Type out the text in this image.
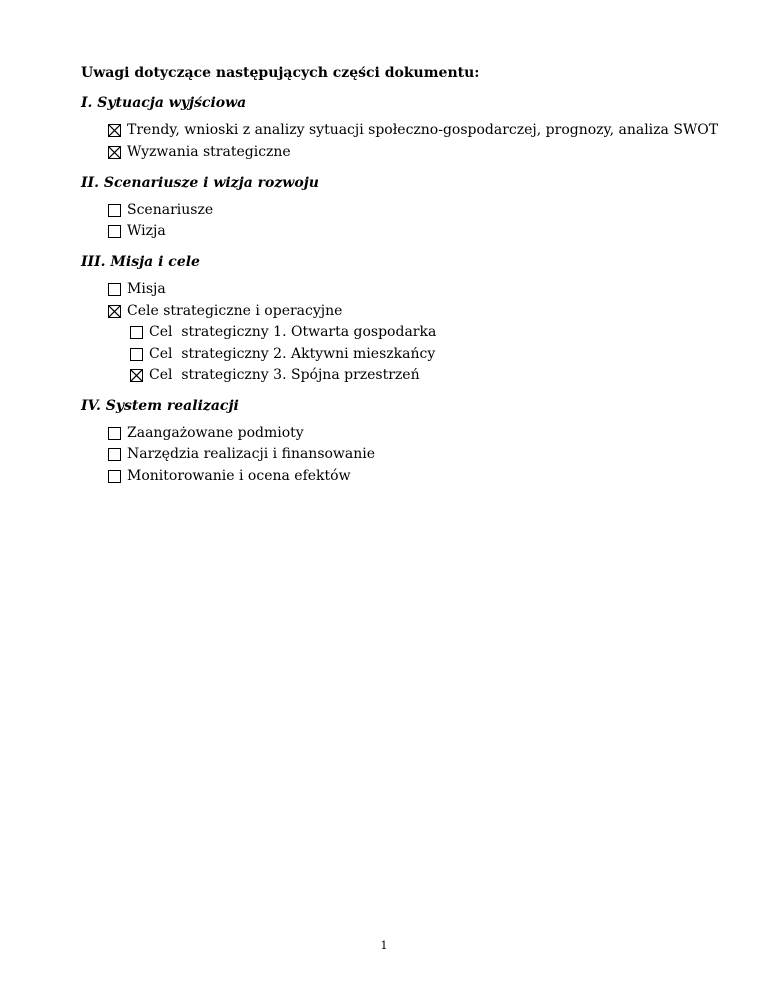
Uwagi dotyczące następujących części dokumentu:
I. Sytuacja wyjściowa
Trendy, wnioski z analizy sytuacji społeczno-gospodarczej, prognozy, analiza SWOT
Wyzwania strategiczne
II. Scenariusze i wizja rozwoju
Scenariusze
Wizja
III. Misja i cele
Misja
Cele strategiczne i operacyjne
Cel  strategiczny 1. Otwarta gospodarka
Cel  strategiczny 2. Aktywni mieszkańcy
Cel  strategiczny 3. Spójna przestrzeń
IV. System realizacji
Zaangażowane podmioty
Narzędzia realizacji i finansowanie
Monitorowanie i ocena efektów
1
